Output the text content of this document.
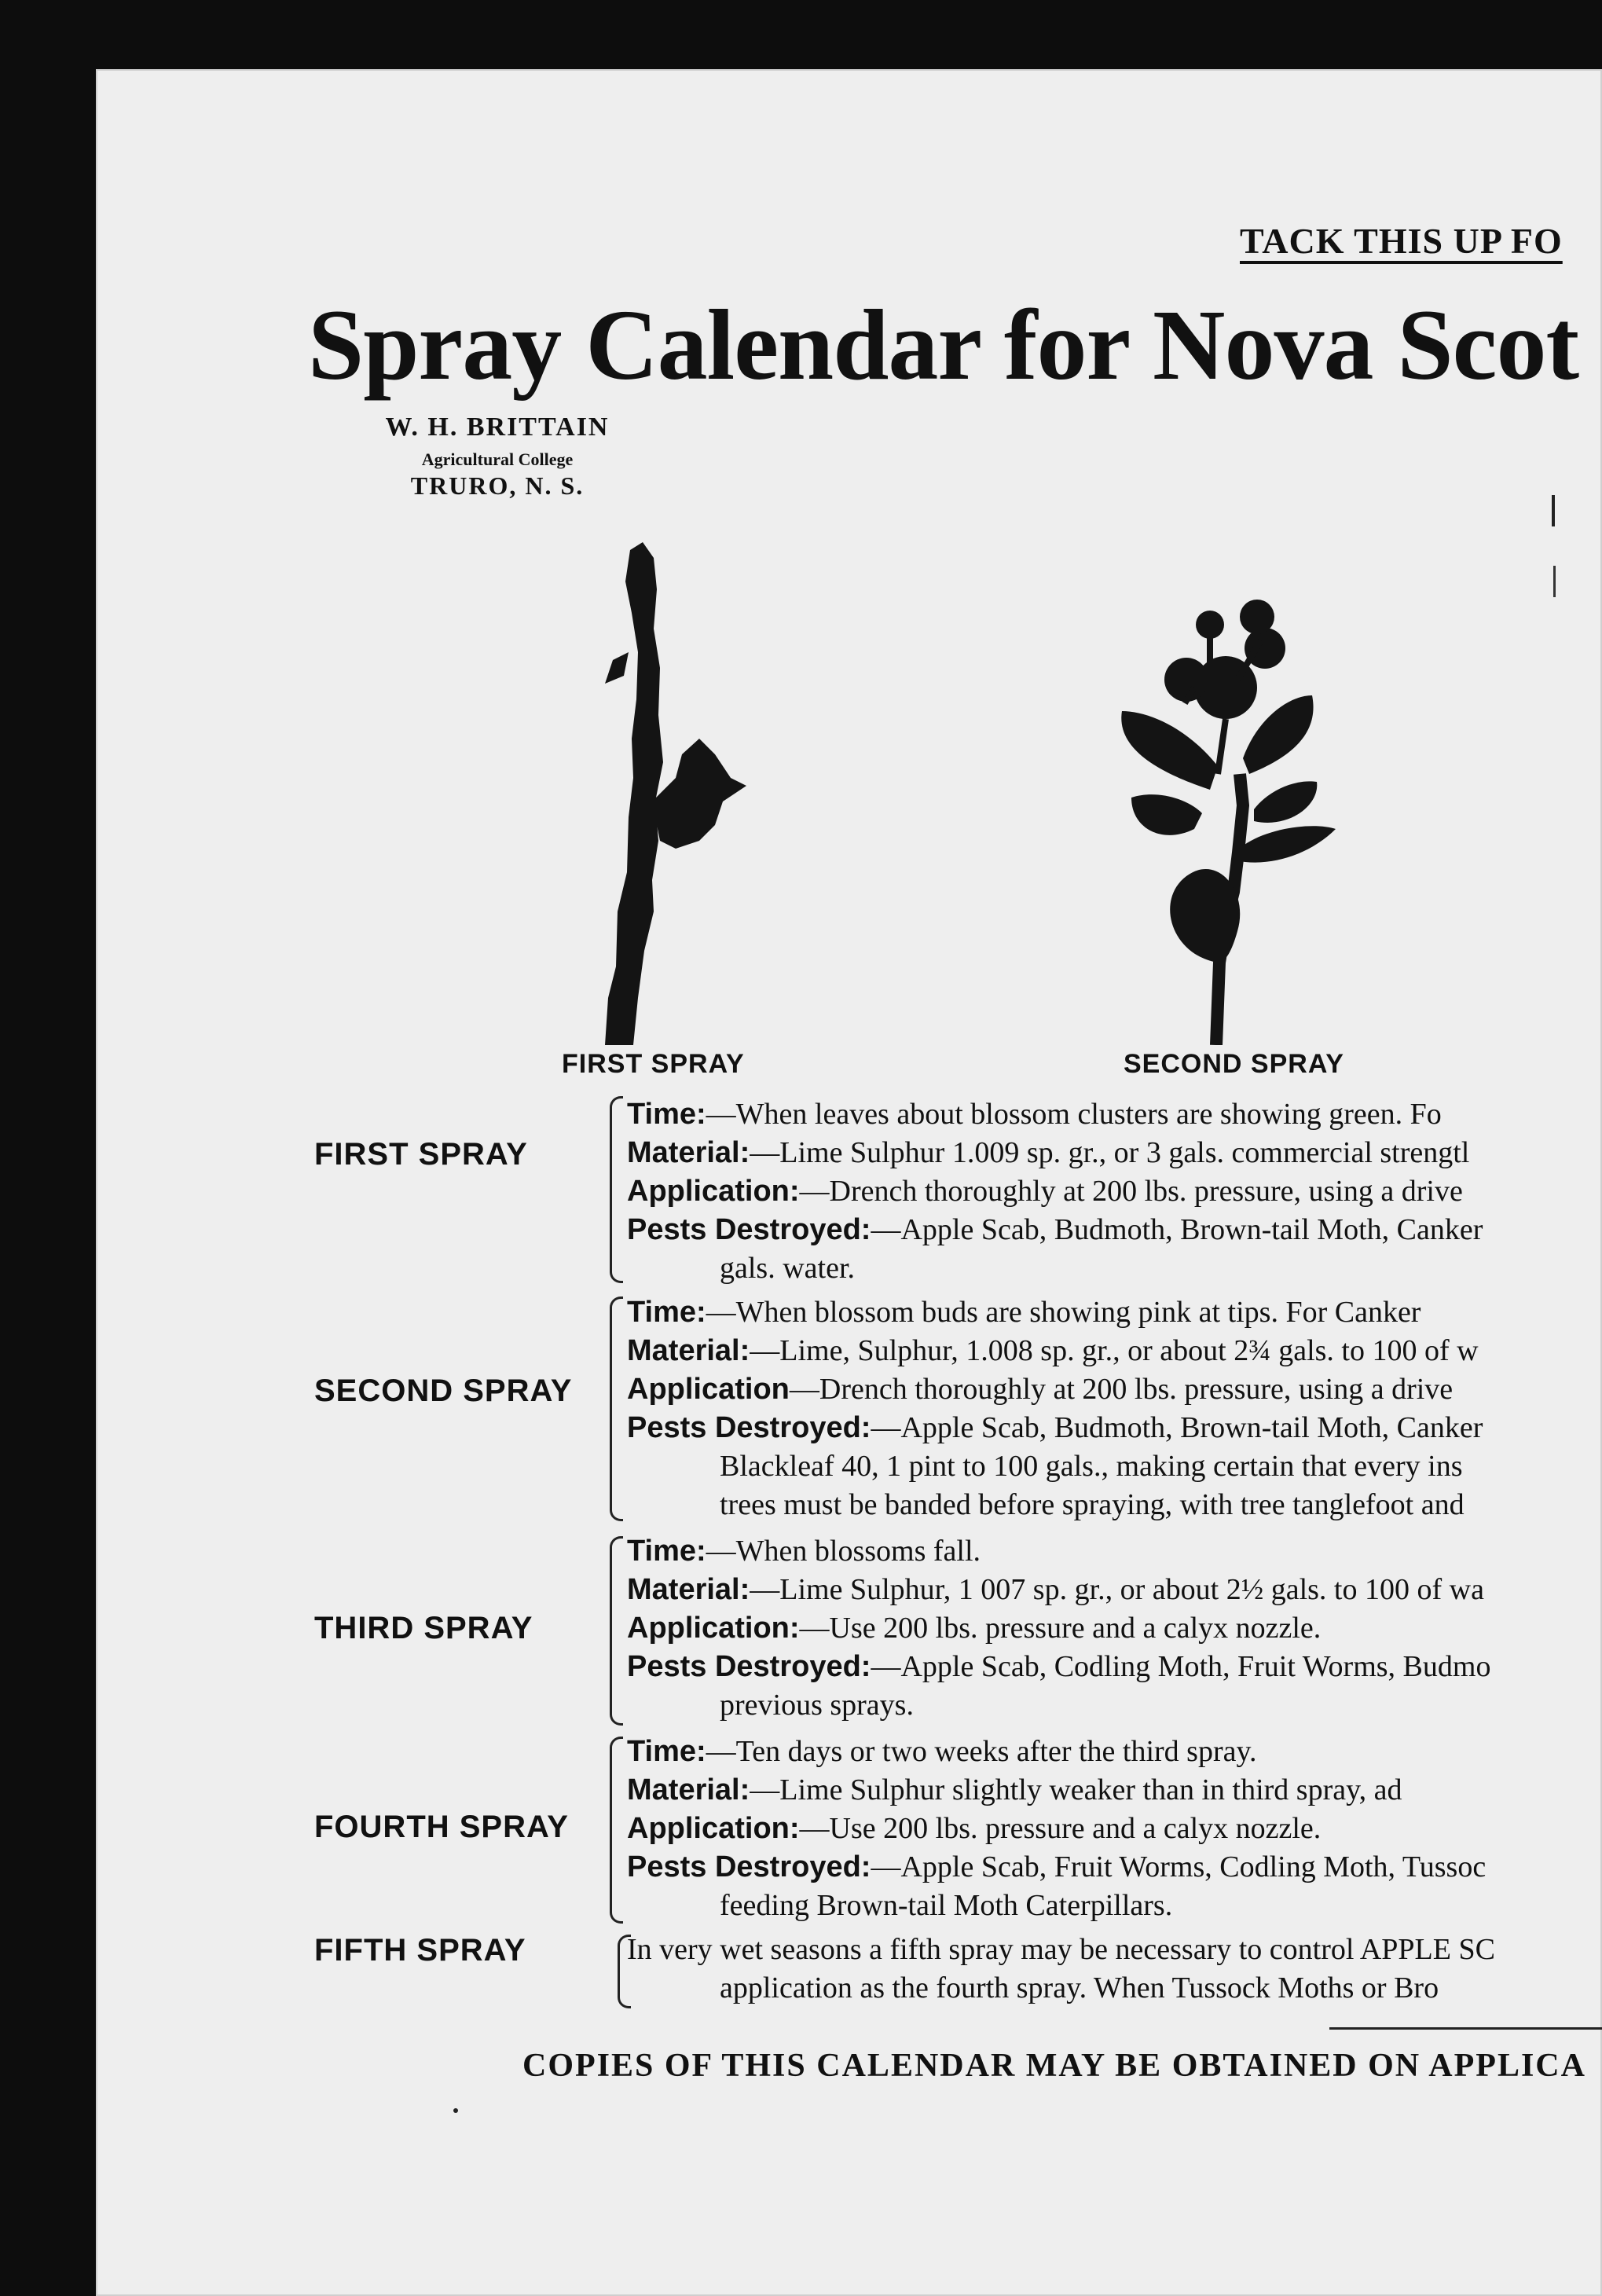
TACK THIS UP FO
Spray Calendar for Nova Scot
W. H. BRITTAIN
Agricultural College
TRURO, N. S.
FIRST SPRAY	SECOND SPRAY
FIRST SPRAY
Time:—When leaves about blossom clusters are showing green. Fo
Material:—Lime Sulphur 1.009 sp. gr., or 3 gals. commercial strengtl
Application:—Drench thoroughly at 200 lbs. pressure, using a drive
Pests Destroyed:—Apple Scab, Budmoth, Brown-tail Moth, Canker
gals. water.
SECOND SPRAY
Time:—When blossom buds are showing pink at tips. For Canker
Material:—Lime, Sulphur, 1.008 sp. gr., or about 2¾ gals. to 100 of w
Application—Drench thoroughly at 200 lbs. pressure, using a drive
Pests Destroyed:—Apple Scab, Budmoth, Brown-tail Moth, Canker
Blackleaf 40, 1 pint to 100 gals., making certain that every ins
trees must be banded before spraying, with tree tanglefoot and
THIRD SPRAY
Time:—When blossoms fall.
Material:—Lime Sulphur, 1 007 sp. gr., or about 2½ gals. to 100 of wa
Application:—Use 200 lbs. pressure and a calyx nozzle.
Pests Destroyed:—Apple Scab, Codling Moth, Fruit Worms, Budmo
previous sprays.
FOURTH SPRAY
Time:—Ten days or two weeks after the third spray.
Material:—Lime Sulphur slightly weaker than in third spray, ad
Application:—Use 200 lbs. pressure and a calyx nozzle.
Pests Destroyed:—Apple Scab, Fruit Worms, Codling Moth, Tussoc
feeding Brown-tail Moth Caterpillars.
FIFTH SPRAY	In very wet seasons a fifth spray may be necessary to control APPLE SC
application as the fourth spray. When Tussock Moths or Bro
COPIES OF THIS CALENDAR MAY BE OBTAINED ON APPLICA
